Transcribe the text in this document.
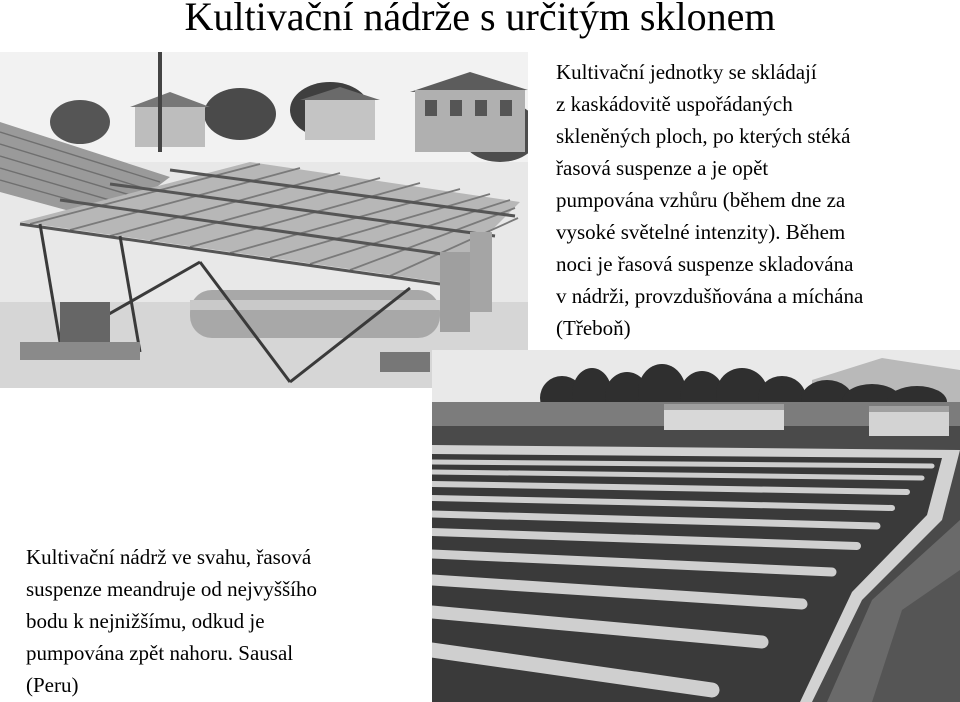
Kultivační nádrže s určitým sklonem

Kultivační jednotky se skládají

z kaskádovitě uspořádaných

skleněných ploch, po kterých stéká

řasová suspenze a je opět

pumpována vzhůru (během dne za

vysoké světelné intenzity). Během

noci je řasová suspenze skladována

v nádrži, provzdušňována a míchána

(Třeboň)

Kultivační nádrž ve svahu, řasová

suspenze meandruje od nejvyššího

bodu k nejnižšímu, odkud je

pumpována zpět nahoru. Sausal

(Peru)
